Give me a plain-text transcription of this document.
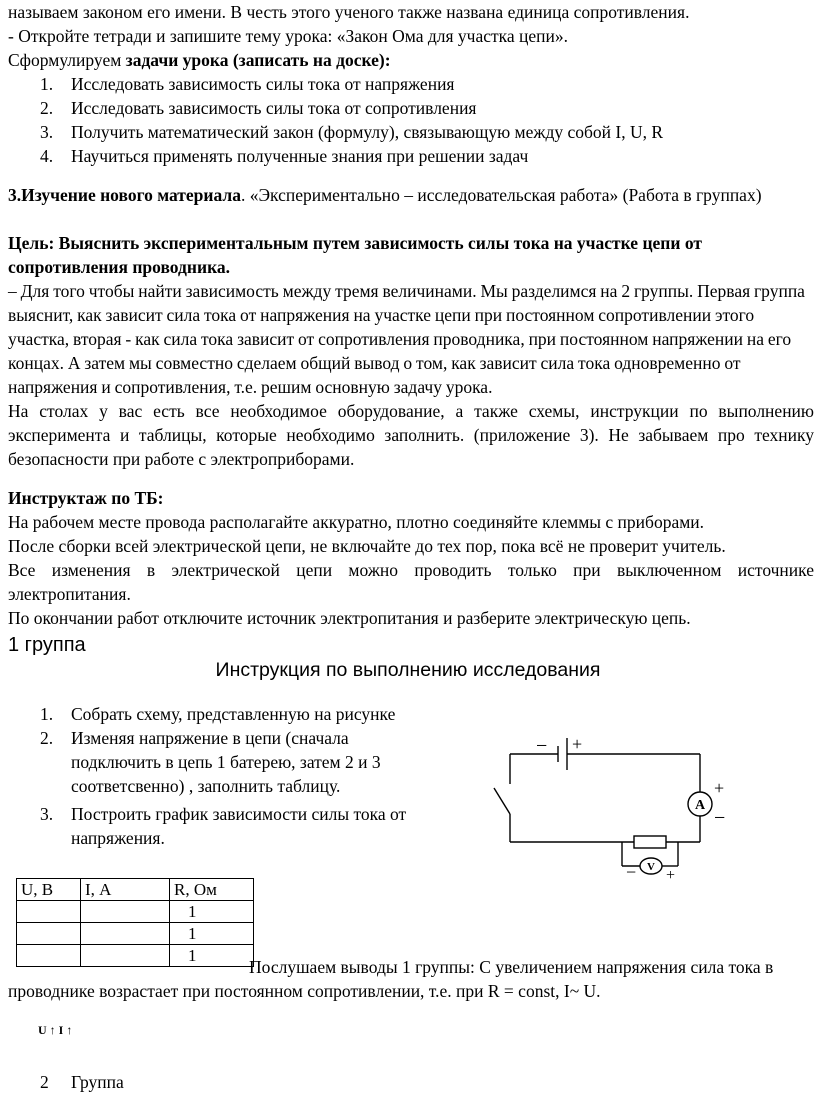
называем законом его имени. В честь этого ученого также названа единица сопротивления.
- Откройте тетради и запишите тему урока: «Закон Ома для участка цепи».
Сформулируем задачи урока (записать на доске):
1.	Исследовать зависимость силы тока от напряжения
2.	Исследовать зависимость силы тока от сопротивления
3.	Получить математический закон (формулу), связывающую между собой I, U, R
4.	Научиться применять полученные знания при решении задач
3.Изучение нового материала. «Экспериментально – исследовательская работа» (Работа в группах)
Цель: Выяснить экспериментальным путем зависимость силы тока на участке цепи от сопротивления проводника.
– Для того чтобы найти зависимость между тремя величинами. Мы разделимся на 2 группы. Первая группа выяснит, как зависит сила тока от напряжения на участке цепи при постоянном сопротивлении этого участка, вторая - как сила тока зависит от сопротивления проводника, при постоянном напряжении на его концах. А затем мы совместно сделаем общий вывод о том, как зависит сила тока одновременно от напряжения и сопротивления, т.е. решим основную задачу урока.
На столах у вас есть все необходимое оборудование, а также схемы, инструкции по выполнению эксперимента и таблицы, которые необходимо заполнить. (приложение 3). Не забываем про технику безопасности при работе с электроприборами.
Инструктаж по ТБ:
На рабочем месте провода располагайте аккуратно, плотно соединяйте клеммы с приборами.
После сборки всей электрической цепи, не включайте до тех пор, пока всё не проверит учитель.
Все изменения в электрической цепи можно проводить только при выключенном источнике электропитания.
По окончании работ отключите источник электропитания и разберите электрическую цепь.
1 группа
Инструкция по выполнению исследования
1.	Собрать схему, представленную на рисунке
2.	Изменяя напряжение в цепи (сначала подключить в цепь 1 батерею, затем 2 и 3 соответсвенно) , заполнить таблицу.
3.	Построить график зависимости силы тока от напряжения.
− +
A
+
−
V
− +
U, В	I, А	R, Ом
		1
		1
		1
Послушаем выводы 1 группы: С увеличением напряжения сила тока в
проводнике возрастает при постоянном сопротивлении, т.е. при R = const, I~ U.
U ↑ I ↑
2 Группа
